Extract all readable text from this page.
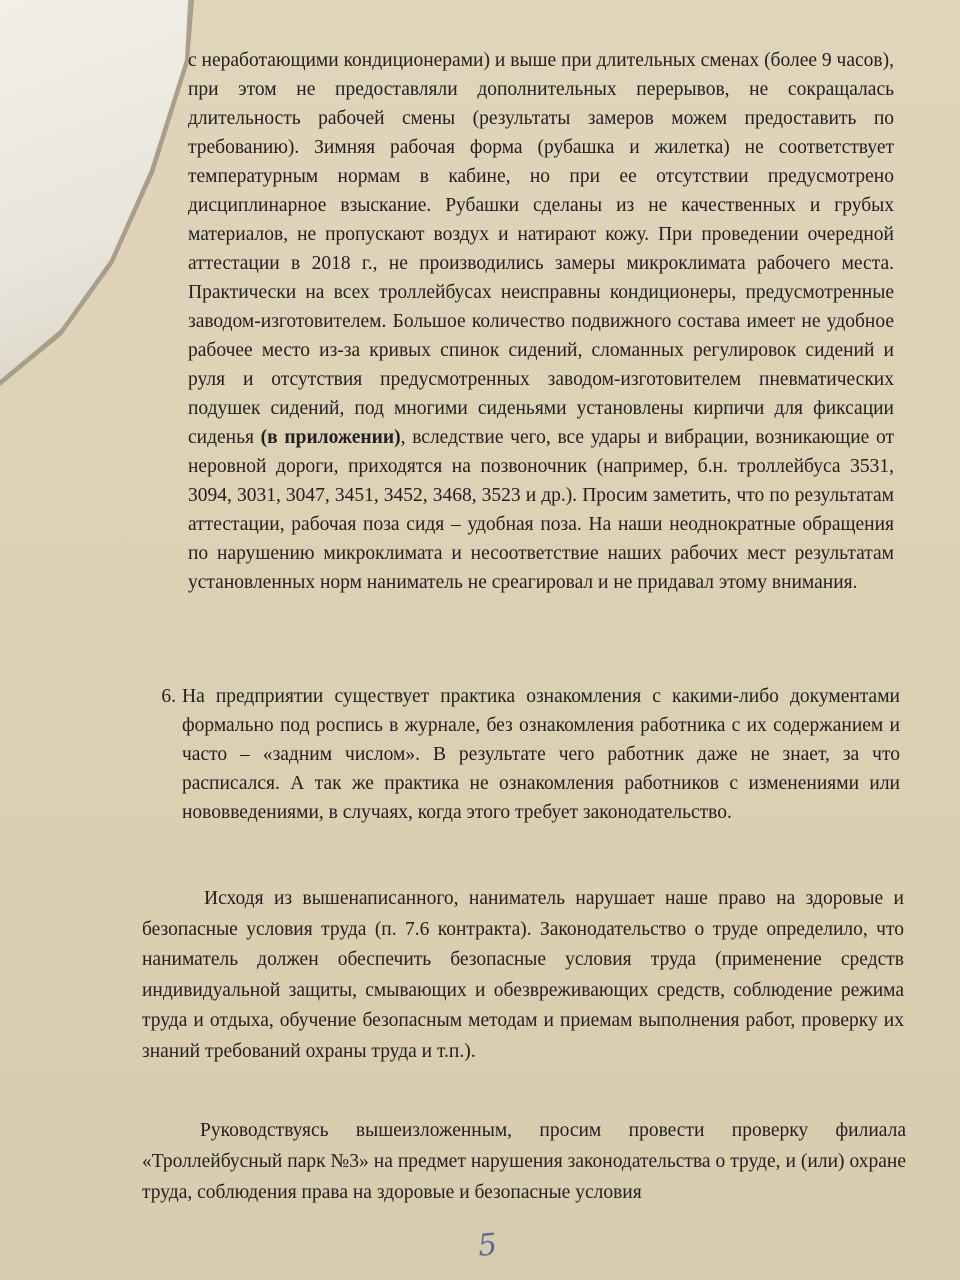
с неработающими кондиционерами) и выше при длительных сменах (более 9 часов), при этом не предоставляли дополнительных перерывов, не сокращалась длительность рабочей смены (результаты замеров можем предоставить по требованию). Зимняя рабочая форма (рубашка и жилетка) не соответствует температурным нормам в кабине, но при ее отсутствии предусмотрено дисциплинарное взыскание. Рубашки сделаны из не качественных и грубых материалов, не пропускают воздух и натирают кожу. При проведении очередной аттестации в 2018 г., не производились замеры микроклимата рабочего места. Практически на всех троллейбусах неисправны кондиционеры, предусмотренные заводом-изготовителем. Большое количество подвижного состава имеет не удобное рабочее место из-за кривых спинок сидений, сломанных регулировок сидений и руля и отсутствия предусмотренных заводом-изготовителем пневматических подушек сидений, под многими сиденьями установлены кирпичи для фиксации сиденья (в приложении), вследствие чего, все удары и вибрации, возникающие от неровной дороги, приходятся на позвоночник (например, б.н. троллейбуса 3531, 3094, 3031, 3047, 3451, 3452, 3468, 3523 и др.). Просим заметить, что по результатам аттестации, рабочая поза сидя – удобная поза. На наши неоднократные обращения по нарушению микроклимата и несоответствие наших рабочих мест результатам установленных норм наниматель не среагировал и не придавал этому внимания.
6. На предприятии существует практика ознакомления с какими-либо документами формально под роспись в журнале, без ознакомления работника с их содержанием и часто – «задним числом». В результате чего работник даже не знает, за что расписался. А так же практика не ознакомления работников с изменениями или нововведениями, в случаях, когда этого требует законодательство.
Исходя из вышенаписанного, наниматель нарушает наше право на здоровые и безопасные условия труда (п. 7.6 контракта). Законодательство о труде определило, что наниматель должен обеспечить безопасные условия труда (применение средств индивидуальной защиты, смывающих и обезвреживающих средств, соблюдение режима труда и отдыха, обучение безопасным методам и приемам выполнения работ, проверку их знаний требований охраны труда и т.п.).
Руководствуясь вышеизложенным, просим провести проверку филиала «Троллейбусный парк №3» на предмет нарушения законодательства о труде, и (или) охране труда, соблюдения права на здоровые и безопасные условия
5
